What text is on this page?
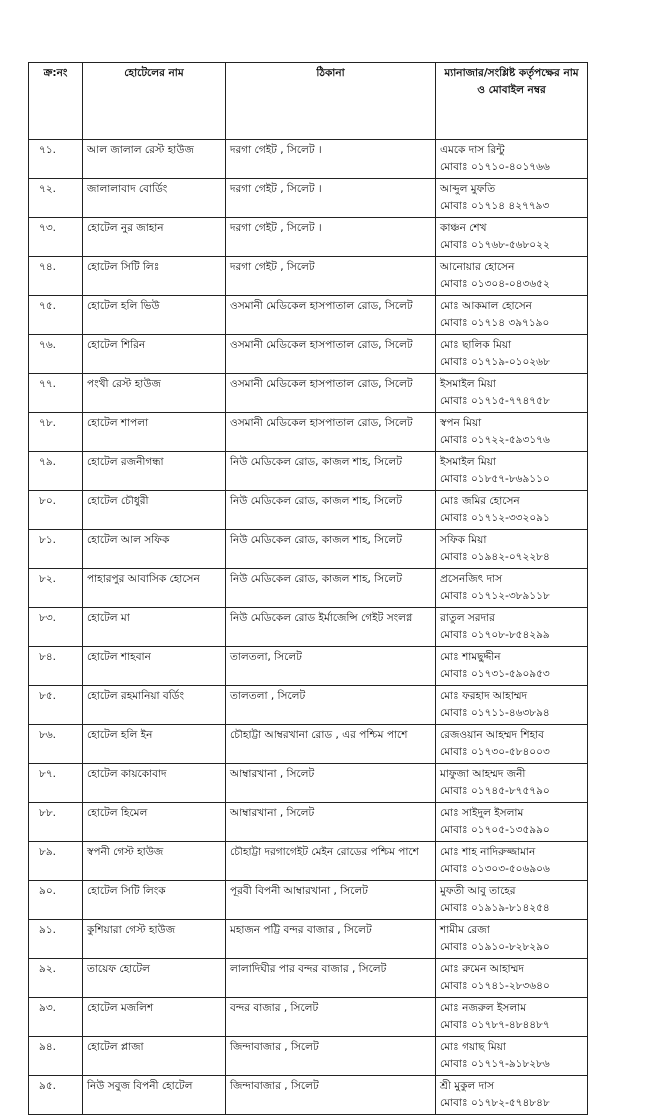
ক্র:নং	হোটেলের নাম	ঠিকানা	ম্যানাজার/সংশ্লিষ্ট কর্তৃপক্ষের নাম ও মোবাইল নম্বর
৭১.	আল জালাল রেস্ট হাউজ	দরগা গেইট , সিলেট ।	এমকে দাস রিন্টু
মোবাঃ ০১৭১০-৪০১৭৬৬

৭২.	জালালাবাদ বোর্ডিং	দরগা গেইট , সিলেট ।	আব্দুল মুফতি
মোবাঃ ০১৭১৪ ৪২৭৭৯৩

৭৩.	হোটেল নুর জাহান	দরগা গেইট , সিলেট ।	কাঞ্চন শেখ
মোবাঃ ০১৭৬৮-৫৬৮০২২

৭৪.	হোটেল সিটি লিঃ	দরগা গেইট , সিলেট	আনোয়ার হোসেন
মোবাঃ ০১৩০৪-০৪৩৬৫২

৭৫.	হোটেল হলি ভিউ	ওসমানী মেডিকেল হাসপাতাল রোড, সিলেট	মোঃ আকমাল হোসেন
মোবাঃ ০১৭১৪ ৩৯৭১৯০

৭৬.	হোটেল শিরিন	ওসমানী মেডিকেল হাসপাতাল রোড, সিলেট	মোঃ ছালিক মিয়া
মোবাঃ ০১৭১৯-০১০২৬৮

৭৭.	পংখী রেস্ট হাউজ	ওসমানী মেডিকেল হাসপাতাল রোড, সিলেট	ইসমাইল মিয়া
মোবাঃ ০১৭১৫-৭৭৪৭৫৮

৭৮.	হোটেল শাপলা	ওসমানী মেডিকেল হাসপাতাল রোড, সিলেট	স্বপন মিয়া
মোবাঃ ০১৭২২-৫৯৩১৭৬

৭৯.	হোটেল রজনীগন্ধা	নিউ মেডিকেল রোড, কাজল শাহ, সিলেট	ইসমাইল মিয়া
মোবাঃ ০১৮৫৭-৮৬৯১১০

৮০.	হোটেল চৌধুরী	নিউ মেডিকেল রোড, কাজল শাহ, সিলেট	মোঃ জমির হোসেন
মোবাঃ ০১৭১২-৩৩২০৯১

৮১.	হোটেল আল সফিক	নিউ মেডিকেল রোড, কাজল শাহ, সিলেট	সফিক মিয়া
মোবাঃ ০১৯৪২-০৭২২৮৪

৮২.	পাহারপুর আবাসিক হোসেন	নিউ মেডিকেল রোড, কাজল শাহ, সিলেট	প্রসেনজিৎ দাস
মোবাঃ ০১৭১২-৩৮৯১১৮

৮৩.	হোটেল মা	নিউ মেডিকেল রোড ইর্মাজেন্সি গেইট সংলগ্ন	রাতুল সরদার
মোবাঃ ০১৭০৮-৮৫৪২৯৯

৮৪.	হোটেল শাহবান	তালতলা, সিলেট	মোঃ শামছুদ্দীন
মোবাঃ ০১৭৩১-৫৯০৯৫৩

৮৫.	হোটেল রহমানিয়া বর্ডিং	তালতলা , সিলেট	মোঃ ফরহাদ আহাম্মদ
মোবাঃ ০১৭১১-৪৬৩৮৯৪

৮৬.	হোটেল হলি ইন	চৌহাট্টা আম্বরখানা রোড , এর পশ্চিম পাশে	রেজওয়ান আহম্মদ শিহাব
মোবাঃ ০১৭৩০-৫৮৪০০৩

৮৭.	হোটেল কায়কোবাদ	আম্বারখানা , সিলেট	মাফুজা আহম্মদ জনী
মোবাঃ ০১৭৪৫-৮৭৫৭৯০

৮৮.	হোটেল হিমেল	আম্বারখানা , সিলেট	মোঃ সাইদুল ইসলাম
মোবাঃ ০১৭০৫-১৩৫৯৯০

৮৯.	স্বপনী গেস্ট হাউজ	চৌহাট্টা দরগাগেইট মেইন রোডের পশ্চিম পাশে	মোঃ শাহ নাদিরুজ্জামান
মোবাঃ ০১৩০৩-৫০৬৯০৬

৯০.	হোটেল সিটি লিংক	পূরবী বিপনী আম্বারখানা , সিলেট	মুফতী আবু তাহের
মোবাঃ ০১৯১৯-৮১৪২৫৪

৯১.	কুশিয়ারা গেস্ট হাউজ	মহাজন পট্টি বন্দর বাজার , সিলেট	শামীম রেজা
মোবাঃ ০১৯১০-৮২৮২৯০

৯২.	তায়েফ হোটেল	লালাদিঘীর পার বন্দর বাজার , সিলেট	মোঃ রুমেন আহাম্মদ
মোবাঃ ০১৭৪১-২৮৩৬৪০

৯৩.	হোটেল মজলিশ	বন্দর বাজার , সিলেট	মোঃ নজরুল ইসলাম
মোবাঃ ০১৭৮৭-৪৮৪৪৮৭

৯৪.	হোটেল প্লাজা	জিন্দাবাজার , সিলেট	মোঃ গয়াছ মিয়া
মোবাঃ ০১৭১৭-৯১৮২৮৬

৯৫.	নিউ সবুজ বিপনী হোটেল	জিন্দাবাজার , সিলেট	শ্রী মুকুল দাস
মোবাঃ ০১৭৮২-৫৭৪৮৪৮
